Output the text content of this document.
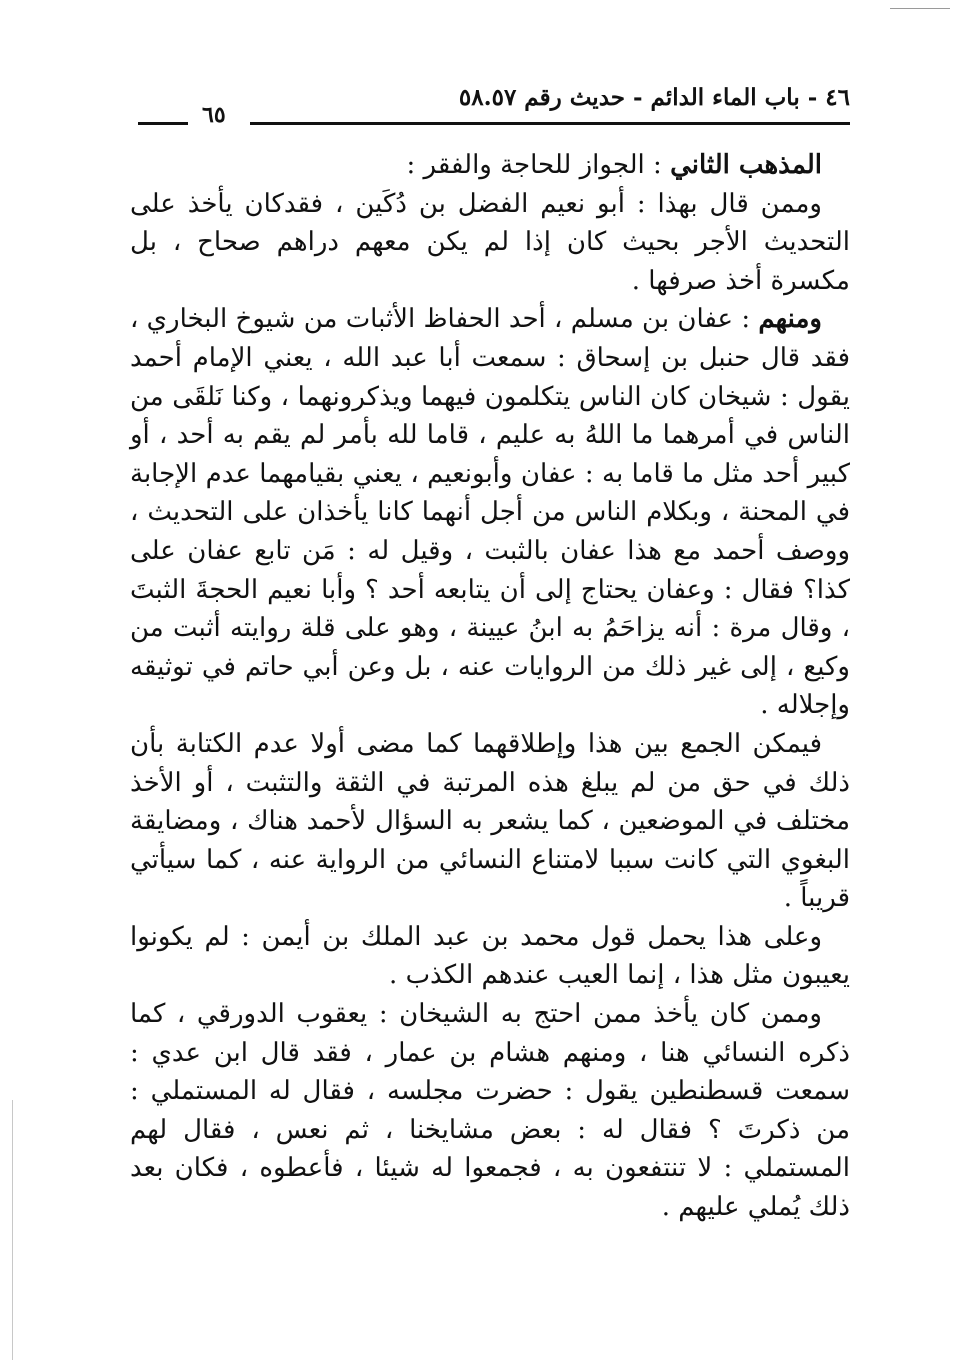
٤٦ - باب الماء الدائم - حديث رقم ٥٨.٥٧
٦٥

المذهب الثاني : الجواز للحاجة والفقر :

وممن قال بهذا : أبو نعيم الفضل بن دُكَين ، فقدكان يأخذ على التحديث الأجر بحيث كان إذا لم يكن معهم دراهم صحاح ، بل مكسرة أخذ صرفها .

ومنهم : عفان بن مسلم ، أحد الحفاظ الأثبات من شيوخ البخاري ، فقد قال حنبل بن إسحاق : سمعت أبا عبد الله ، يعني الإمام أحمد يقول : شيخان كان الناس يتكلمون فيهما ويذكرونهما ، وكنا نَلقَى من الناس في أمرهما ما اللهُ به عليم ، قاما لله بأمر لم يقم به أحد ، أو كبير أحد مثل ما قاما به : عفان وأبونعيم ، يعني بقيامهما عدم الإجابة في المحنة ، وبكلام الناس من أجل أنهما كانا يأخذان على التحديث ، ووصف أحمد مع هذا عفان بالثبت ، وقيل له : مَن تابع عفان على كذا؟ فقال : وعفان يحتاج إلى أن يتابعه أحد ؟ وأبا نعيم الحجةَ الثبتَ ، وقال مرة : أنه يزاحَمُ به ابنُ عيينة ، وهو على قلة روايته أثبت من وكيع ، إلى غير ذلك من الروايات عنه ، بل وعن أبي حاتم في توثيقه وإجلاله .

فيمكن الجمع بين هذا وإطلاقهما كما مضى أولا عدم الكتابة بأن ذلك في حق من لم يبلغ هذه المرتبة في الثقة والتثبت ، أو الأخذ مختلف في الموضعين ، كما يشعر به السؤال لأحمد هناك ، ومضايقة البغوي التي كانت سببا لامتناع النسائي من الرواية عنه ، كما سيأتي قريباً .

وعلى هذا يحمل قول محمد بن عبد الملك بن أيمن : لم يكونوا يعيبون مثل هذا ، إنما العيب عندهم الكذب .

وممن كان يأخذ ممن احتج به الشيخان : يعقوب الدورقي ، كما ذكره النسائي هنا ، ومنهم هشام بن عمار ، فقد قال ابن عدي : سمعت قسطنطين يقول : حضرت مجلسه ، فقال له المستملي : من ذكرتَ ؟ فقال له : بعض مشايخنا ، ثم نعس ، فقال لهم المستملي : لا تنتفعون به ، فجمعوا له شيئا ، فأعطوه ، فكان بعد ذلك يُملي عليهم .
